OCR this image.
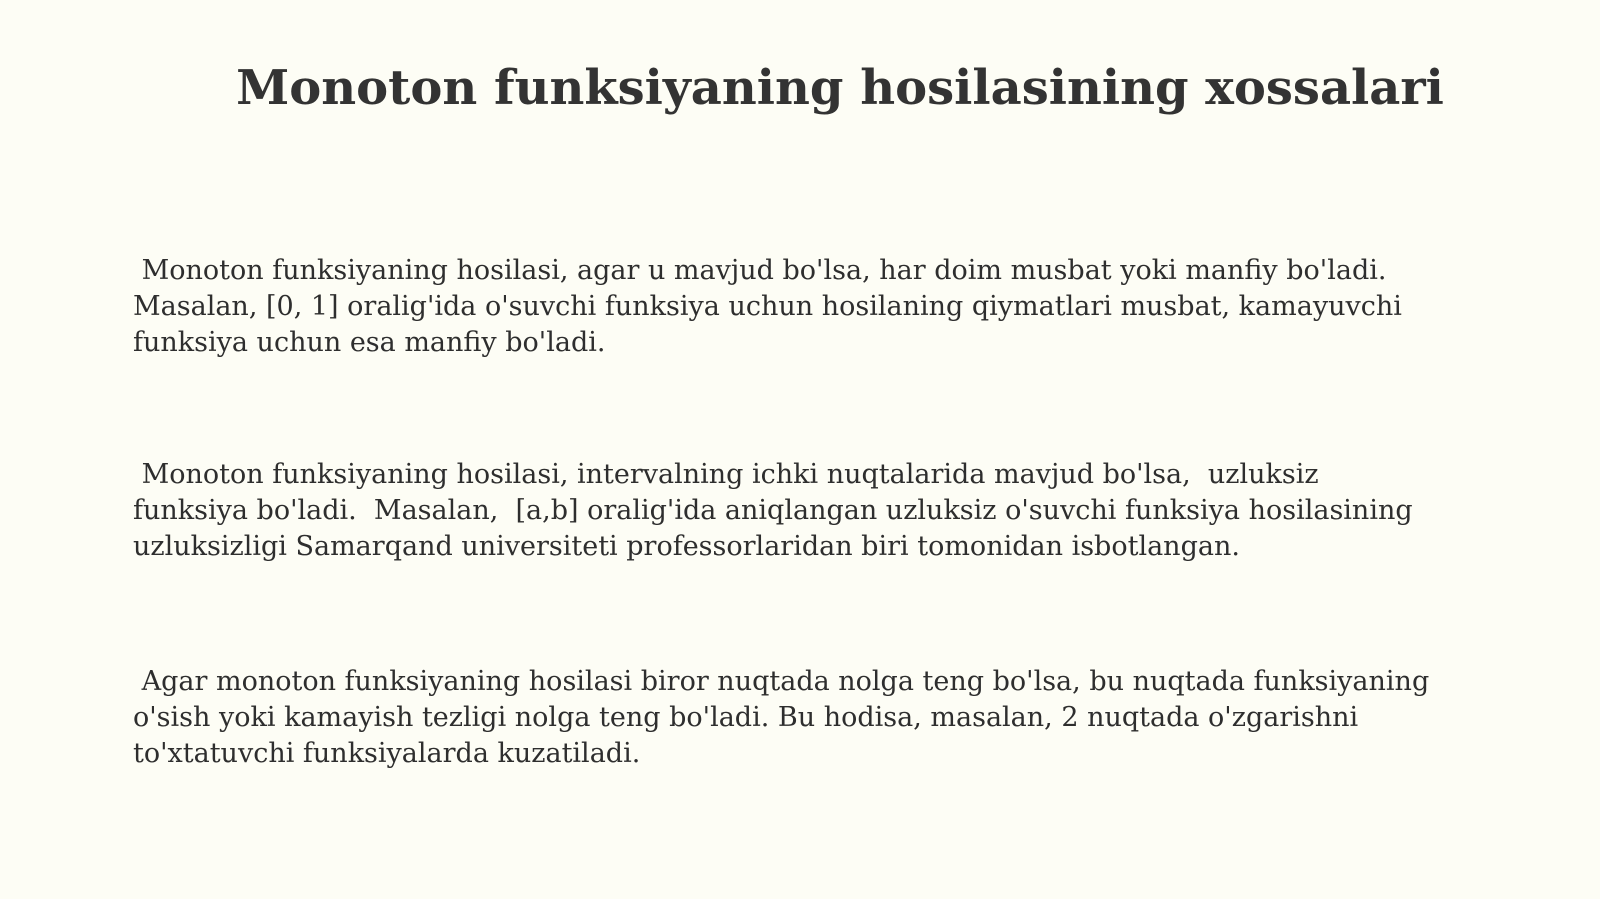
Monoton funksiyaning hosilasining xossalari

Monoton funksiyaning hosilasi, agar u mavjud bo'lsa, har doim musbat yoki manfiy bo'ladi.
Masalan, [0, 1] oralig'ida o'suvchi funksiya uchun hosilaning qiymatlari musbat, kamayuvchi
funksiya uchun esa manfiy bo'ladi.

Monoton funksiyaning hosilasi, intervalning ichki nuqtalarida mavjud bo'lsa,  uzluksiz
funksiya bo'ladi.  Masalan,  [a,b] oralig'ida aniqlangan uzluksiz o'suvchi funksiya hosilasining
uzluksizligi Samarqand universiteti professorlaridan biri tomonidan isbotlangan.

Agar monoton funksiyaning hosilasi biror nuqtada nolga teng bo'lsa, bu nuqtada funksiyaning
o'sish yoki kamayish tezligi nolga teng bo'ladi. Bu hodisa, masalan, 2 nuqtada o'zgarishni
to'xtatuvchi funksiyalarda kuzatiladi.
